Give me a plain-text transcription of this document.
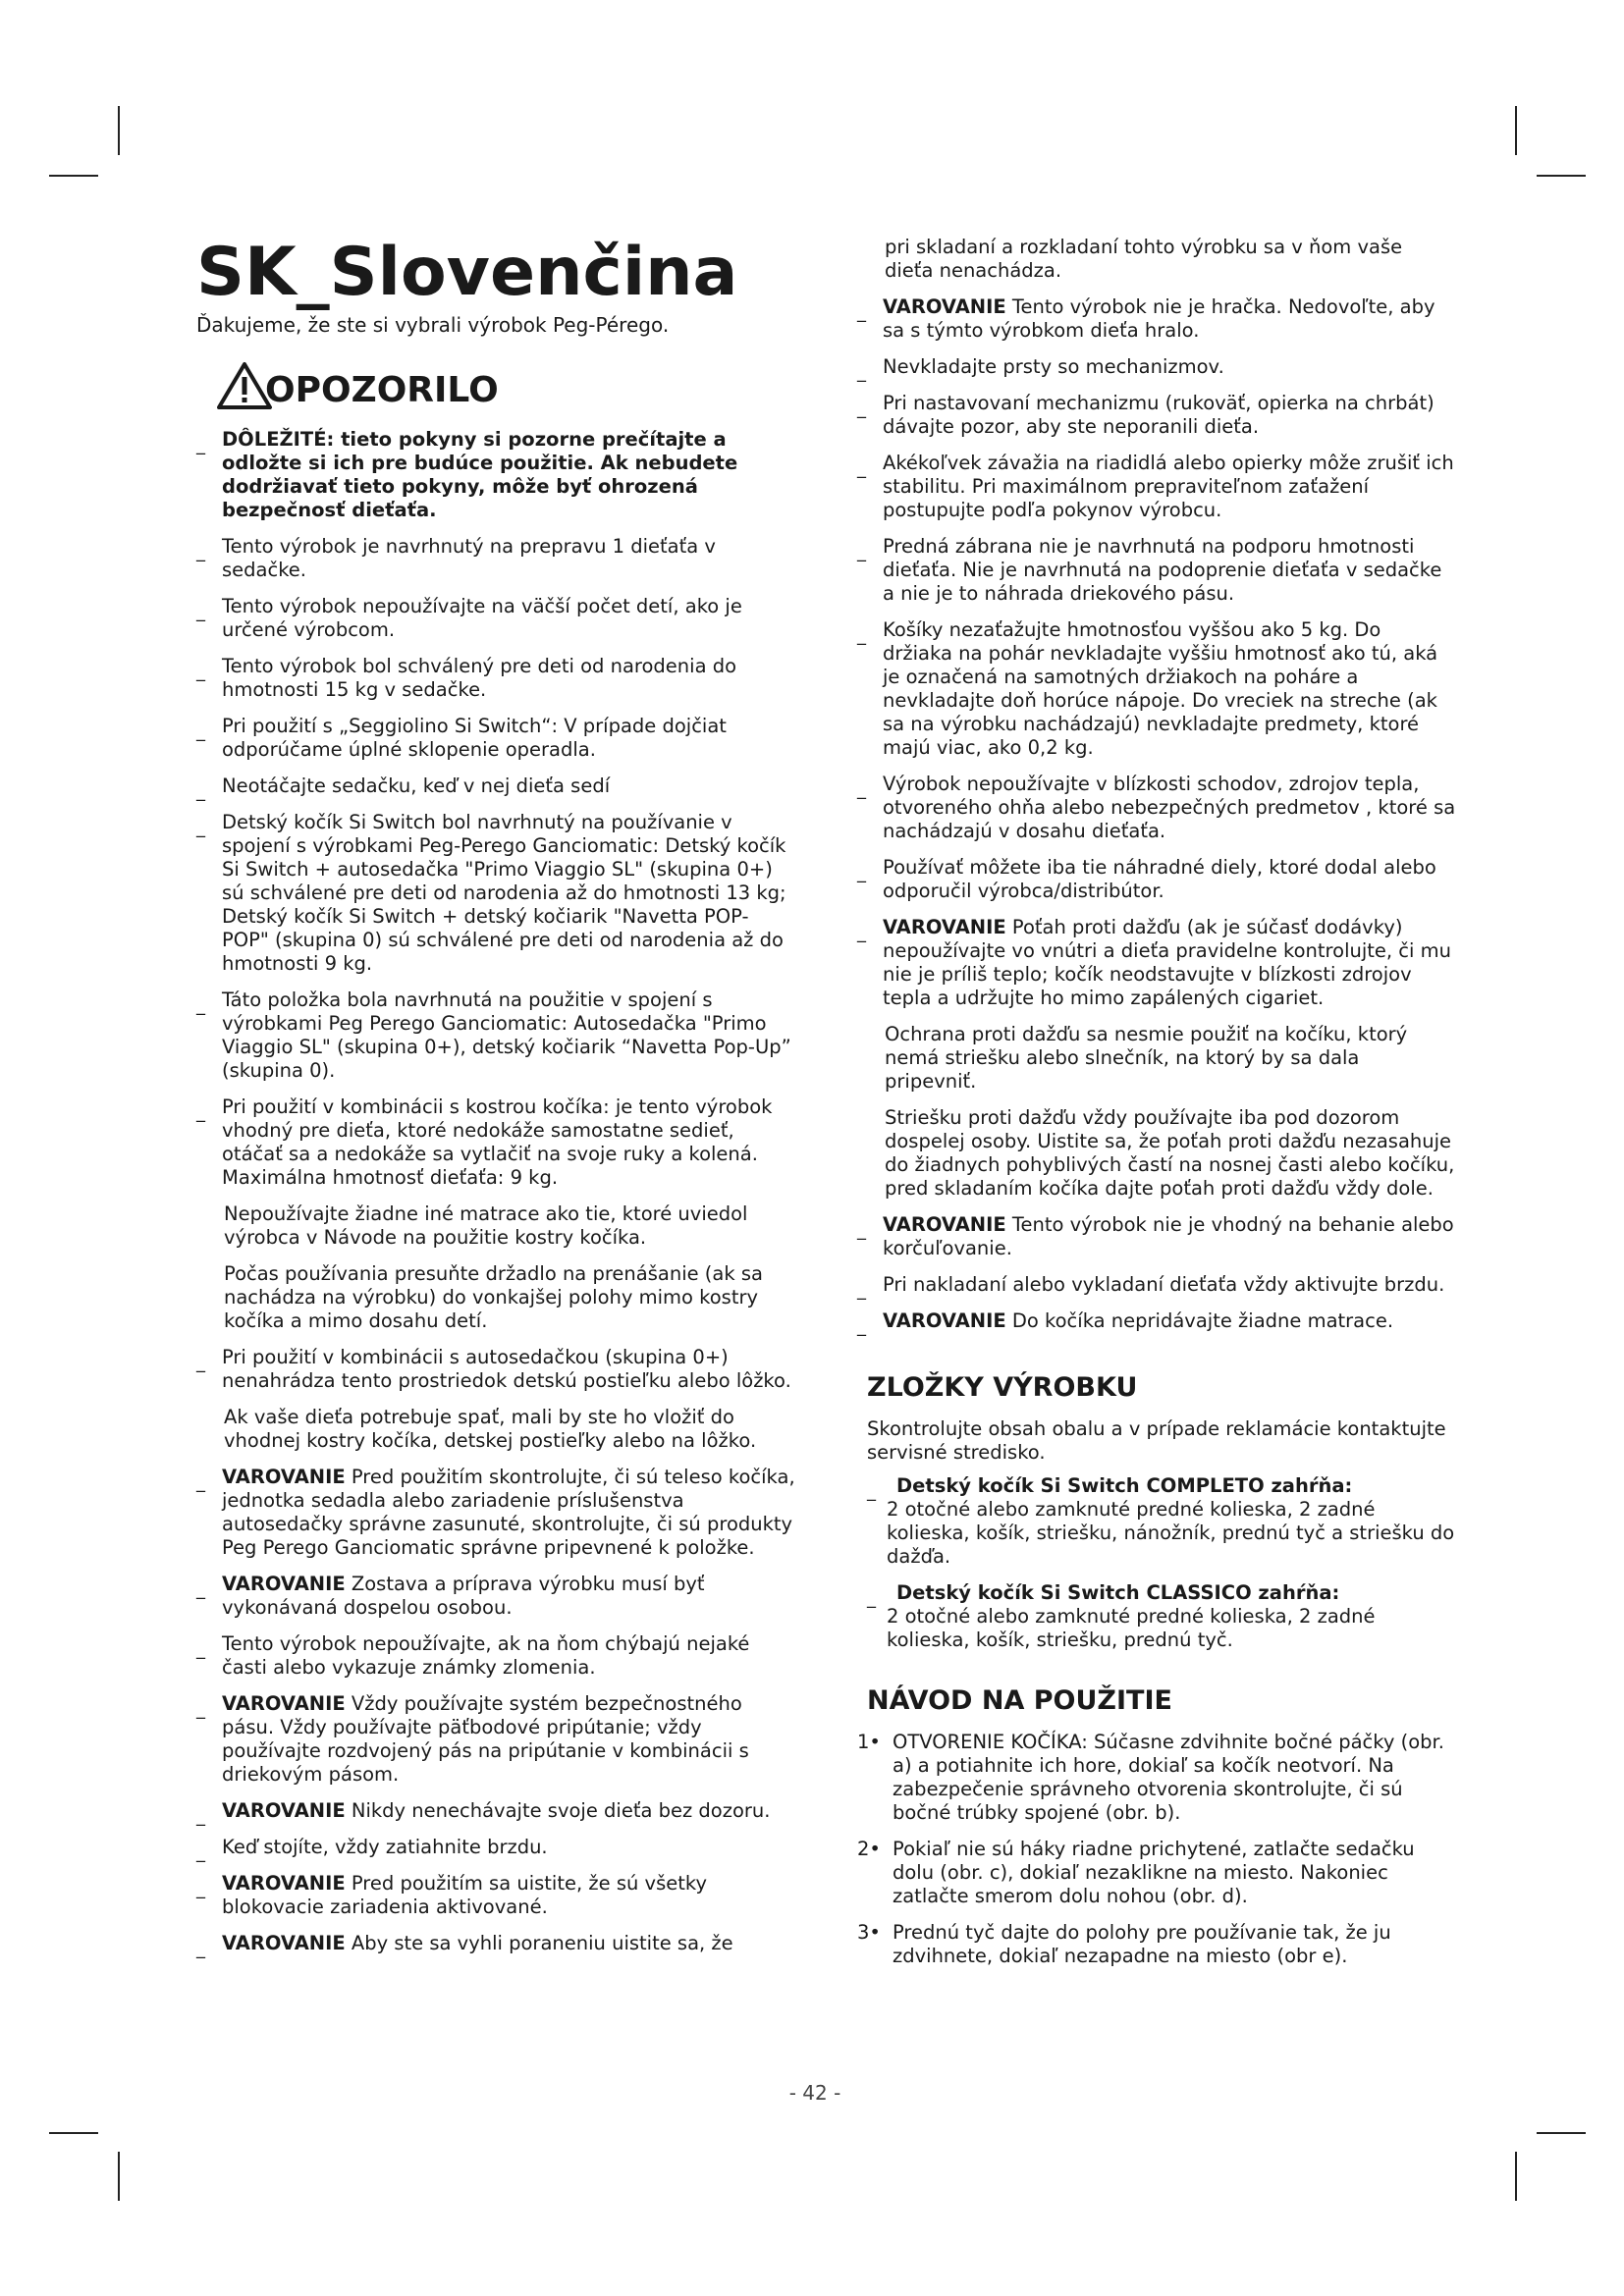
SK_Slovenčina
Ďakujeme, že ste si vybrali výrobok Peg-Pérego.
OPOZORILO
_ DÔLEŽITÉ: tieto pokyny si pozorne prečítajte a odložte si ich pre budúce použitie. Ak nebudete dodržiavať tieto pokyny, môže byť ohrozená bezpečnosť dieťaťa.
_ Tento výrobok je navrhnutý na prepravu 1 dieťaťa v sedačke.
_ Tento výrobok nepoužívajte na väčší počet detí, ako je určené výrobcom.
_ Tento výrobok bol schválený pre deti od narodenia do hmotnosti 15 kg v sedačke.
_ Pri použití s „Seggiolino Si Switch“: V prípade dojčiat odporúčame úplné sklopenie operadla.
_ Neotáčajte sedačku, keď v nej dieťa sedí
_ Detský kočík Si Switch bol navrhnutý na používanie v spojení s výrobkami Peg-Perego Ganciomatic: Detský kočík Si Switch + autosedačka "Primo Viaggio SL" (skupina 0+) sú schválené pre deti od narodenia až do hmotnosti 13 kg; Detský kočík Si Switch + detský kočiarik "Navetta POP-POP" (skupina 0) sú schválené pre deti od narodenia až do hmotnosti 9 kg.
_ Táto položka bola navrhnutá na použitie v spojení s výrobkami Peg Perego Ganciomatic: Autosedačka "Primo Viaggio SL" (skupina 0+), detský kočiarik “Navetta Pop-Up” (skupina 0).
_ Pri použití v kombinácii s kostrou kočíka: je tento výrobok vhodný pre dieťa, ktoré nedokáže samostatne sedieť, otáčať sa a nedokáže sa vytlačiť na svoje ruky a kolená. Maximálna hmotnosť dieťaťa: 9 kg.
Nepoužívajte žiadne iné matrace ako tie, ktoré uviedol výrobca v Návode na použitie kostry kočíka.
Počas používania presuňte držadlo na prenášanie (ak sa nachádza na výrobku) do vonkajšej polohy mimo kostry kočíka a mimo dosahu detí.
_ Pri použití v kombinácii s autosedačkou (skupina 0+) nenahrádza tento prostriedok detskú postieľku alebo lôžko.
Ak vaše dieťa potrebuje spať, mali by ste ho vložiť do vhodnej kostry kočíka, detskej postieľky alebo na lôžko.
_ VAROVANIE Pred použitím skontrolujte, či sú teleso kočíka, jednotka sedadla alebo zariadenie príslušenstva autosedačky správne zasunuté, skontrolujte, či sú produkty Peg Perego Ganciomatic správne pripevnené k položke.
_ VAROVANIE Zostava a príprava výrobku musí byť vykonávaná dospelou osobou.
_ Tento výrobok nepoužívajte, ak na ňom chýbajú nejaké časti alebo vykazuje známky zlomenia.
_ VAROVANIE Vždy používajte systém bezpečnostného pásu. Vždy používajte päťbodové pripútanie; vždy používajte rozdvojený pás na pripútanie v kombinácii s driekovým pásom.
_ VAROVANIE Nikdy nenechávajte svoje dieťa bez dozoru.
_ Keď stojíte, vždy zatiahnite brzdu.
_ VAROVANIE Pred použitím sa uistite, že sú všetky blokovacie zariadenia aktivované.
_ VAROVANIE Aby ste sa vyhli poraneniu uistite sa, že
pri skladaní a rozkladaní tohto výrobku sa v ňom vaše dieťa nenachádza.
_ VAROVANIE Tento výrobok nie je hračka. Nedovoľte, aby sa s týmto výrobkom dieťa hralo.
_ Nevkladajte prsty so mechanizmov.
_ Pri nastavovaní mechanizmu (rukoväť, opierka na chrbát) dávajte pozor, aby ste neporanili dieťa.
_ Akékoľvek závažia na riadidlá alebo opierky môže zrušiť ich stabilitu. Pri maximálnom prepraviteľnom zaťažení postupujte podľa pokynov výrobcu.
_ Predná zábrana nie je navrhnutá na podporu hmotnosti dieťaťa. Nie je navrhnutá na podoprenie dieťaťa v sedačke a nie je to náhrada driekového pásu.
_ Košíky nezaťažujte hmotnosťou vyššou ako 5 kg. Do držiaka na pohár nevkladajte vyššiu hmotnosť ako tú, aká je označená na samotných držiakoch na poháre a nevkladajte doň horúce nápoje. Do vreciek na streche (ak sa na výrobku nachádzajú) nevkladajte predmety, ktoré majú viac, ako 0,2 kg.
_ Výrobok nepoužívajte v blízkosti schodov, zdrojov tepla, otvoreného ohňa alebo nebezpečných predmetov , ktoré sa nachádzajú v dosahu dieťaťa.
_ Používať môžete iba tie náhradné diely, ktoré dodal alebo odporučil výrobca/distribútor.
_ VAROVANIE Poťah proti dažďu (ak je súčasť dodávky) nepoužívajte vo vnútri a dieťa pravidelne kontrolujte, či mu nie je príliš teplo; kočík neodstavujte v blízkosti zdrojov tepla a udržujte ho mimo zapálených cigariet.
Ochrana proti dažďu sa nesmie použiť na kočíku, ktorý nemá striešku alebo slnečník, na ktorý by sa dala pripevniť.
Striešku proti dažďu vždy používajte iba pod dozorom dospelej osoby. Uistite sa, že poťah proti dažďu nezasahuje do žiadnych pohyblivých častí na nosnej časti alebo kočíku, pred skladaním kočíka dajte poťah proti dažďu vždy dole.
_ VAROVANIE Tento výrobok nie je vhodný na behanie alebo korčuľovanie.
_ Pri nakladaní alebo vykladaní dieťaťa vždy aktivujte brzdu.
_ VAROVANIE Do kočíka nepridávajte žiadne matrace.
ZLOŽKY VÝROBKU
Skontrolujte obsah obalu a v prípade reklamácie kontaktujte servisné stredisko.
_	Detský kočík Si Switch COMPLETO zahŕňa:
2 otočné alebo zamknuté predné kolieska, 2 zadné kolieska, košík, striešku, nánožník, prednú tyč a striešku do dažďa.
_	Detský kočík Si Switch CLASSICO zahŕňa:
2 otočné alebo zamknuté predné kolieska, 2 zadné kolieska, košík, striešku, prednú tyč.
NÁVOD NA POUŽITIE
1• OTVORENIE KOČÍKA: Súčasne zdvihnite bočné páčky (obr. a) a potiahnite ich hore, dokiaľ sa kočík neotvorí. Na zabezpečenie správneho otvorenia skontrolujte, či sú bočné trúbky spojené (obr. b).
2• Pokiaľ nie sú háky riadne prichytené, zatlačte sedačku dolu (obr. c), dokiaľ nezaklikne na miesto. Nakoniec zatlačte smerom dolu nohou (obr. d).
3• Prednú tyč dajte do polohy pre používanie tak, že ju zdvihnete, dokiaľ nezapadne na miesto (obr e).
- 42 -
